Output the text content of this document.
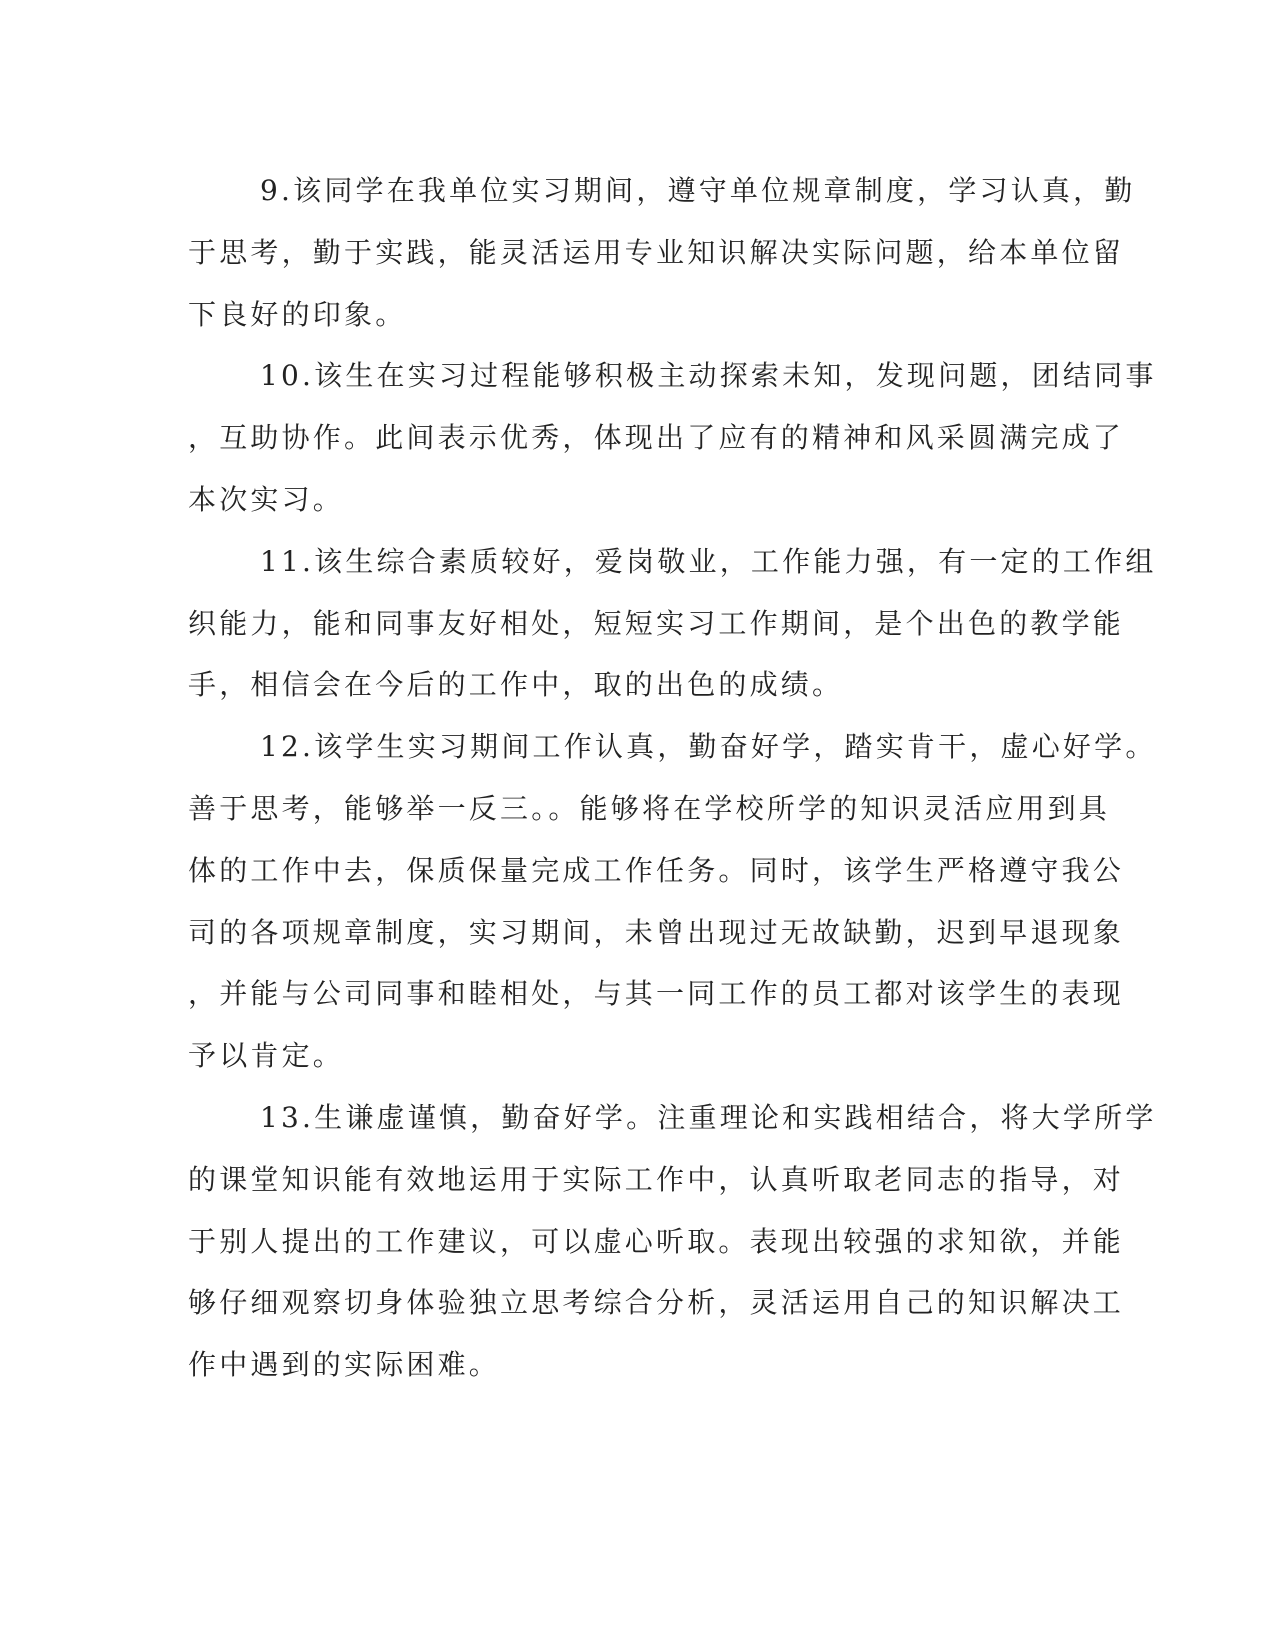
9.该同学在我单位实习期间，遵守单位规章制度，学习认真，勤
于思考，勤于实践，能灵活运用专业知识解决实际问题，给本单位留
下良好的印象。
10.该生在实习过程能够积极主动探索未知，发现问题，团结同事
，互助协作。此间表示优秀，体现出了应有的精神和风采圆满完成了
本次实习。
11.该生综合素质较好，爱岗敬业，工作能力强，有一定的工作组
织能力，能和同事友好相处，短短实习工作期间，是个出色的教学能
手，相信会在今后的工作中，取的出色的成绩。
12.该学生实习期间工作认真，勤奋好学，踏实肯干，虚心好学。
善于思考，能够举一反三。。能够将在学校所学的知识灵活应用到具
体的工作中去，保质保量完成工作任务。同时，该学生严格遵守我公
司的各项规章制度，实习期间，未曾出现过无故缺勤，迟到早退现象
，并能与公司同事和睦相处，与其一同工作的员工都对该学生的表现
予以肯定。
13.生谦虚谨慎，勤奋好学。注重理论和实践相结合，将大学所学
的课堂知识能有效地运用于实际工作中，认真听取老同志的指导，对
于别人提出的工作建议，可以虚心听取。表现出较强的求知欲，并能
够仔细观察切身体验独立思考综合分析，灵活运用自己的知识解决工
作中遇到的实际困难。
